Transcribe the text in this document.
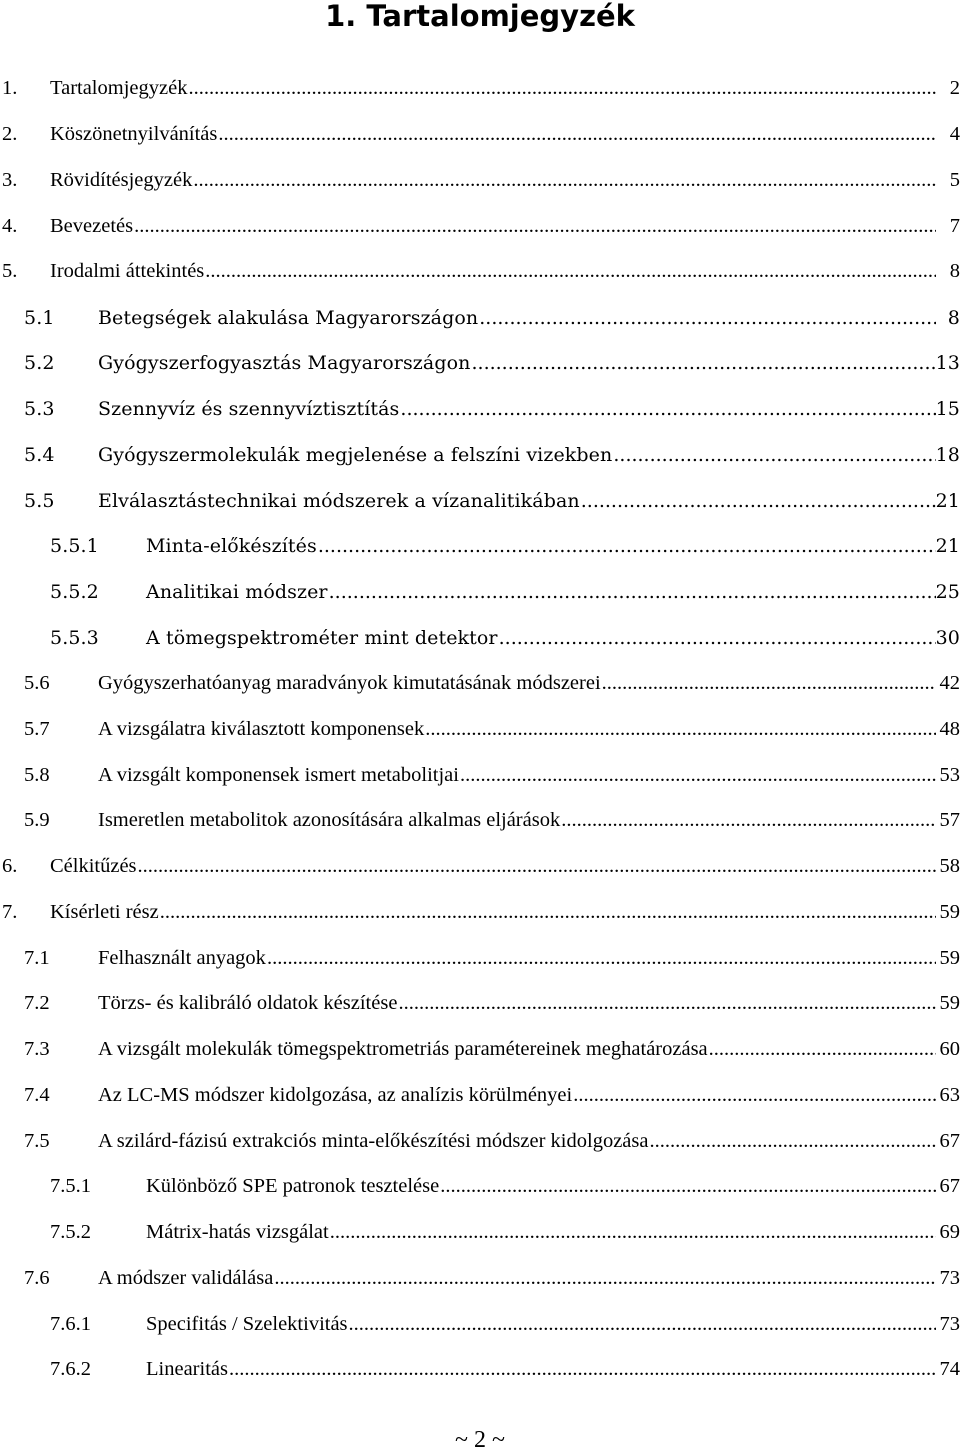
1. Tartalomjegyzék
1. Tartalomjegyzék .....	2
2. Köszönetnyilvánítás .....	4
3. Rövidítésjegyzék .....	5
4. Bevezetés .....	7
5. Irodalmi áttekintés .....	8
5.1 Betegségek alakulása Magyarországon .....	8
5.2 Gyógyszerfogyasztás Magyarországon .....	13
5.3 Szennyvíz és szennyvíztisztítás .....	15
5.4 Gyógyszermolekulák megjelenése a felszíni vizekben .....	18
5.5 Elválasztástechnikai módszerek a vízanalitikában .....	21
5.5.1 Minta-előkészítés .....	21
5.5.2 Analitikai módszer .....	25
5.5.3 A tömegspektrométer mint detektor .....	30
5.6 Gyógyszerhatóanyag maradványok kimutatásának módszerei .....	42
5.7 A vizsgálatra kiválasztott komponensek .....	48
5.8 A vizsgált komponensek ismert metabolitjai .....	53
5.9 Ismeretlen metabolitok azonosítására alkalmas eljárások .....	57
6. Célkitűzés .....	58
7. Kísérleti rész .....	59
7.1 Felhasznált anyagok .....	59
7.2 Törzs- és kalibráló oldatok készítése .....	59
7.3 A vizsgált molekulák tömegspektrometriás paramétereinek meghatározása .....	60
7.4 Az LC-MS módszer kidolgozása, az analízis körülményei .....	63
7.5 A szilárd-fázisú extrakciós minta-előkészítési módszer kidolgozása .....	67
7.5.1	Különböző SPE patronok tesztelése .....	67
7.5.2	Mátrix-hatás vizsgálat .....	69
7.6 A módszer validálása .....	73
7.6.1	Specifitás / Szelektivitás .....	73
7.6.2	Linearitás .....	74
~ 2 ~
